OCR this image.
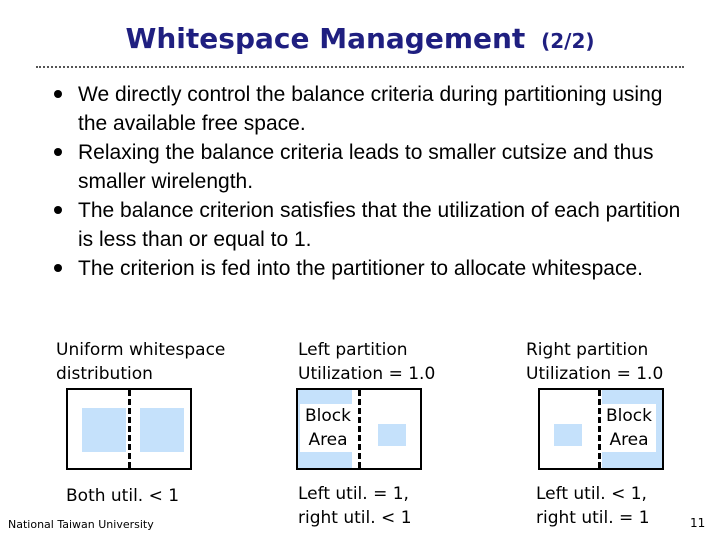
Whitespace Management (2/2)
We directly control the balance criteria during partitioning using the available free space.
Relaxing the balance criteria leads to smaller cutsize and thus smaller wirelength.
The balance criterion satisfies that the utilization of each partition is less than or equal to 1.
The criterion is fed into the partitioner to allocate whitespace.
Uniform whitespace
distribution
Both util. < 1
Left partition
Utilization = 1.0
Block
Area
Left util. = 1,
right util. < 1
Right partition
Utilization = 1.0
Block
Area
Left util. < 1,
right util. = 1
National Taiwan University	11
